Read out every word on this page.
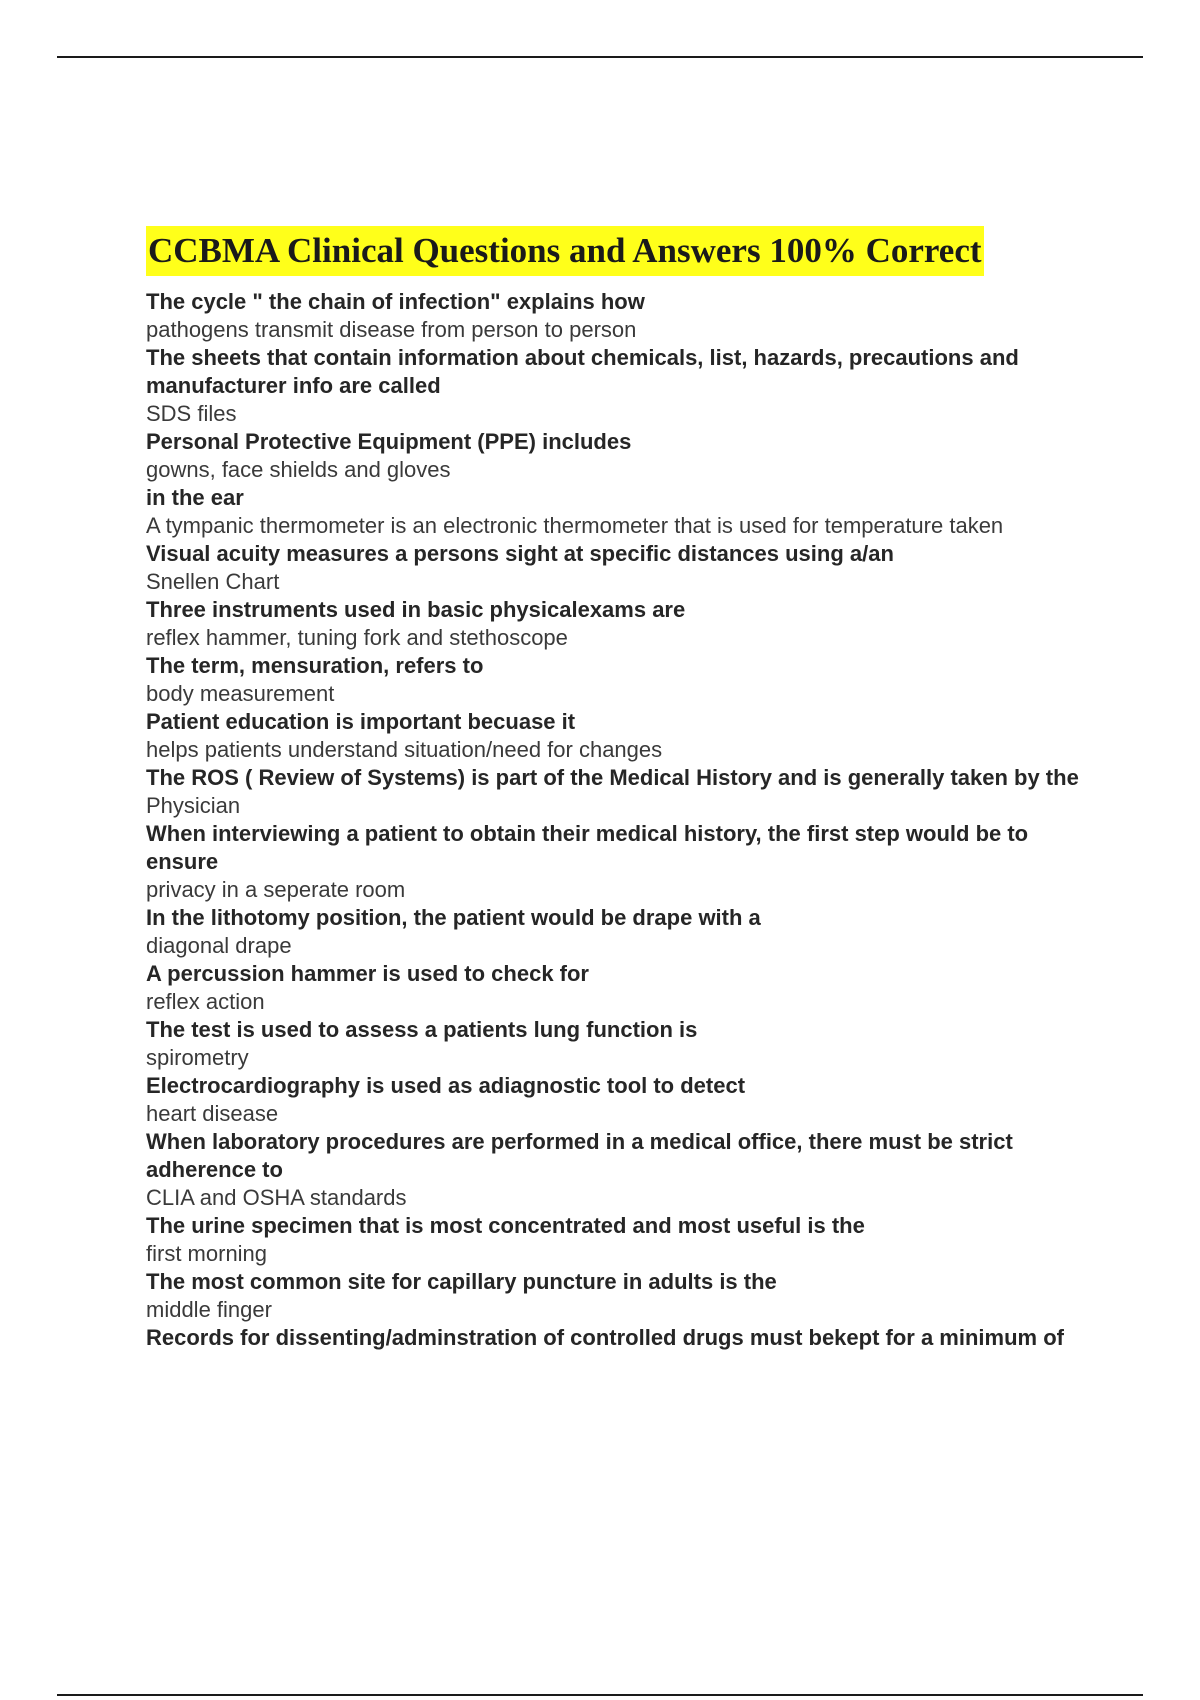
CCBMA Clinical Questions and Answers 100% Correct

The cycle " the chain of infection" explains how

pathogens transmit disease from person to person

The sheets that contain information about chemicals, list, hazards, precautions and manufacturer info are called

SDS files

Personal Protective Equipment (PPE) includes

gowns, face shields and gloves

in the ear

A tympanic thermometer is an electronic thermometer that is used for temperature taken

Visual acuity measures a persons sight at specific distances using a/an

Snellen Chart

Three instruments used in basic physicalexams are

reflex hammer, tuning fork and stethoscope

The term, mensuration, refers to

body measurement

Patient education is important becuase it

helps patients understand situation/need for changes

The ROS ( Review of Systems) is part of the Medical History and is generally taken by the

Physician

When interviewing a patient to obtain their medical history, the first step would be to ensure

privacy in a seperate room

In the lithotomy position, the patient would be drape with a

diagonal drape

A percussion hammer is used to check for

reflex action

The test is used to assess a patients lung function is

spirometry

Electrocardiography is used as adiagnostic tool to detect

heart disease

When laboratory procedures are performed in a medical office, there must be strict adherence to

CLIA and OSHA standards

The urine specimen that is most concentrated and most useful is the

first morning

The most common site for capillary puncture in adults is the

middle finger

Records for dissenting/adminstration of controlled drugs must bekept for a minimum of
